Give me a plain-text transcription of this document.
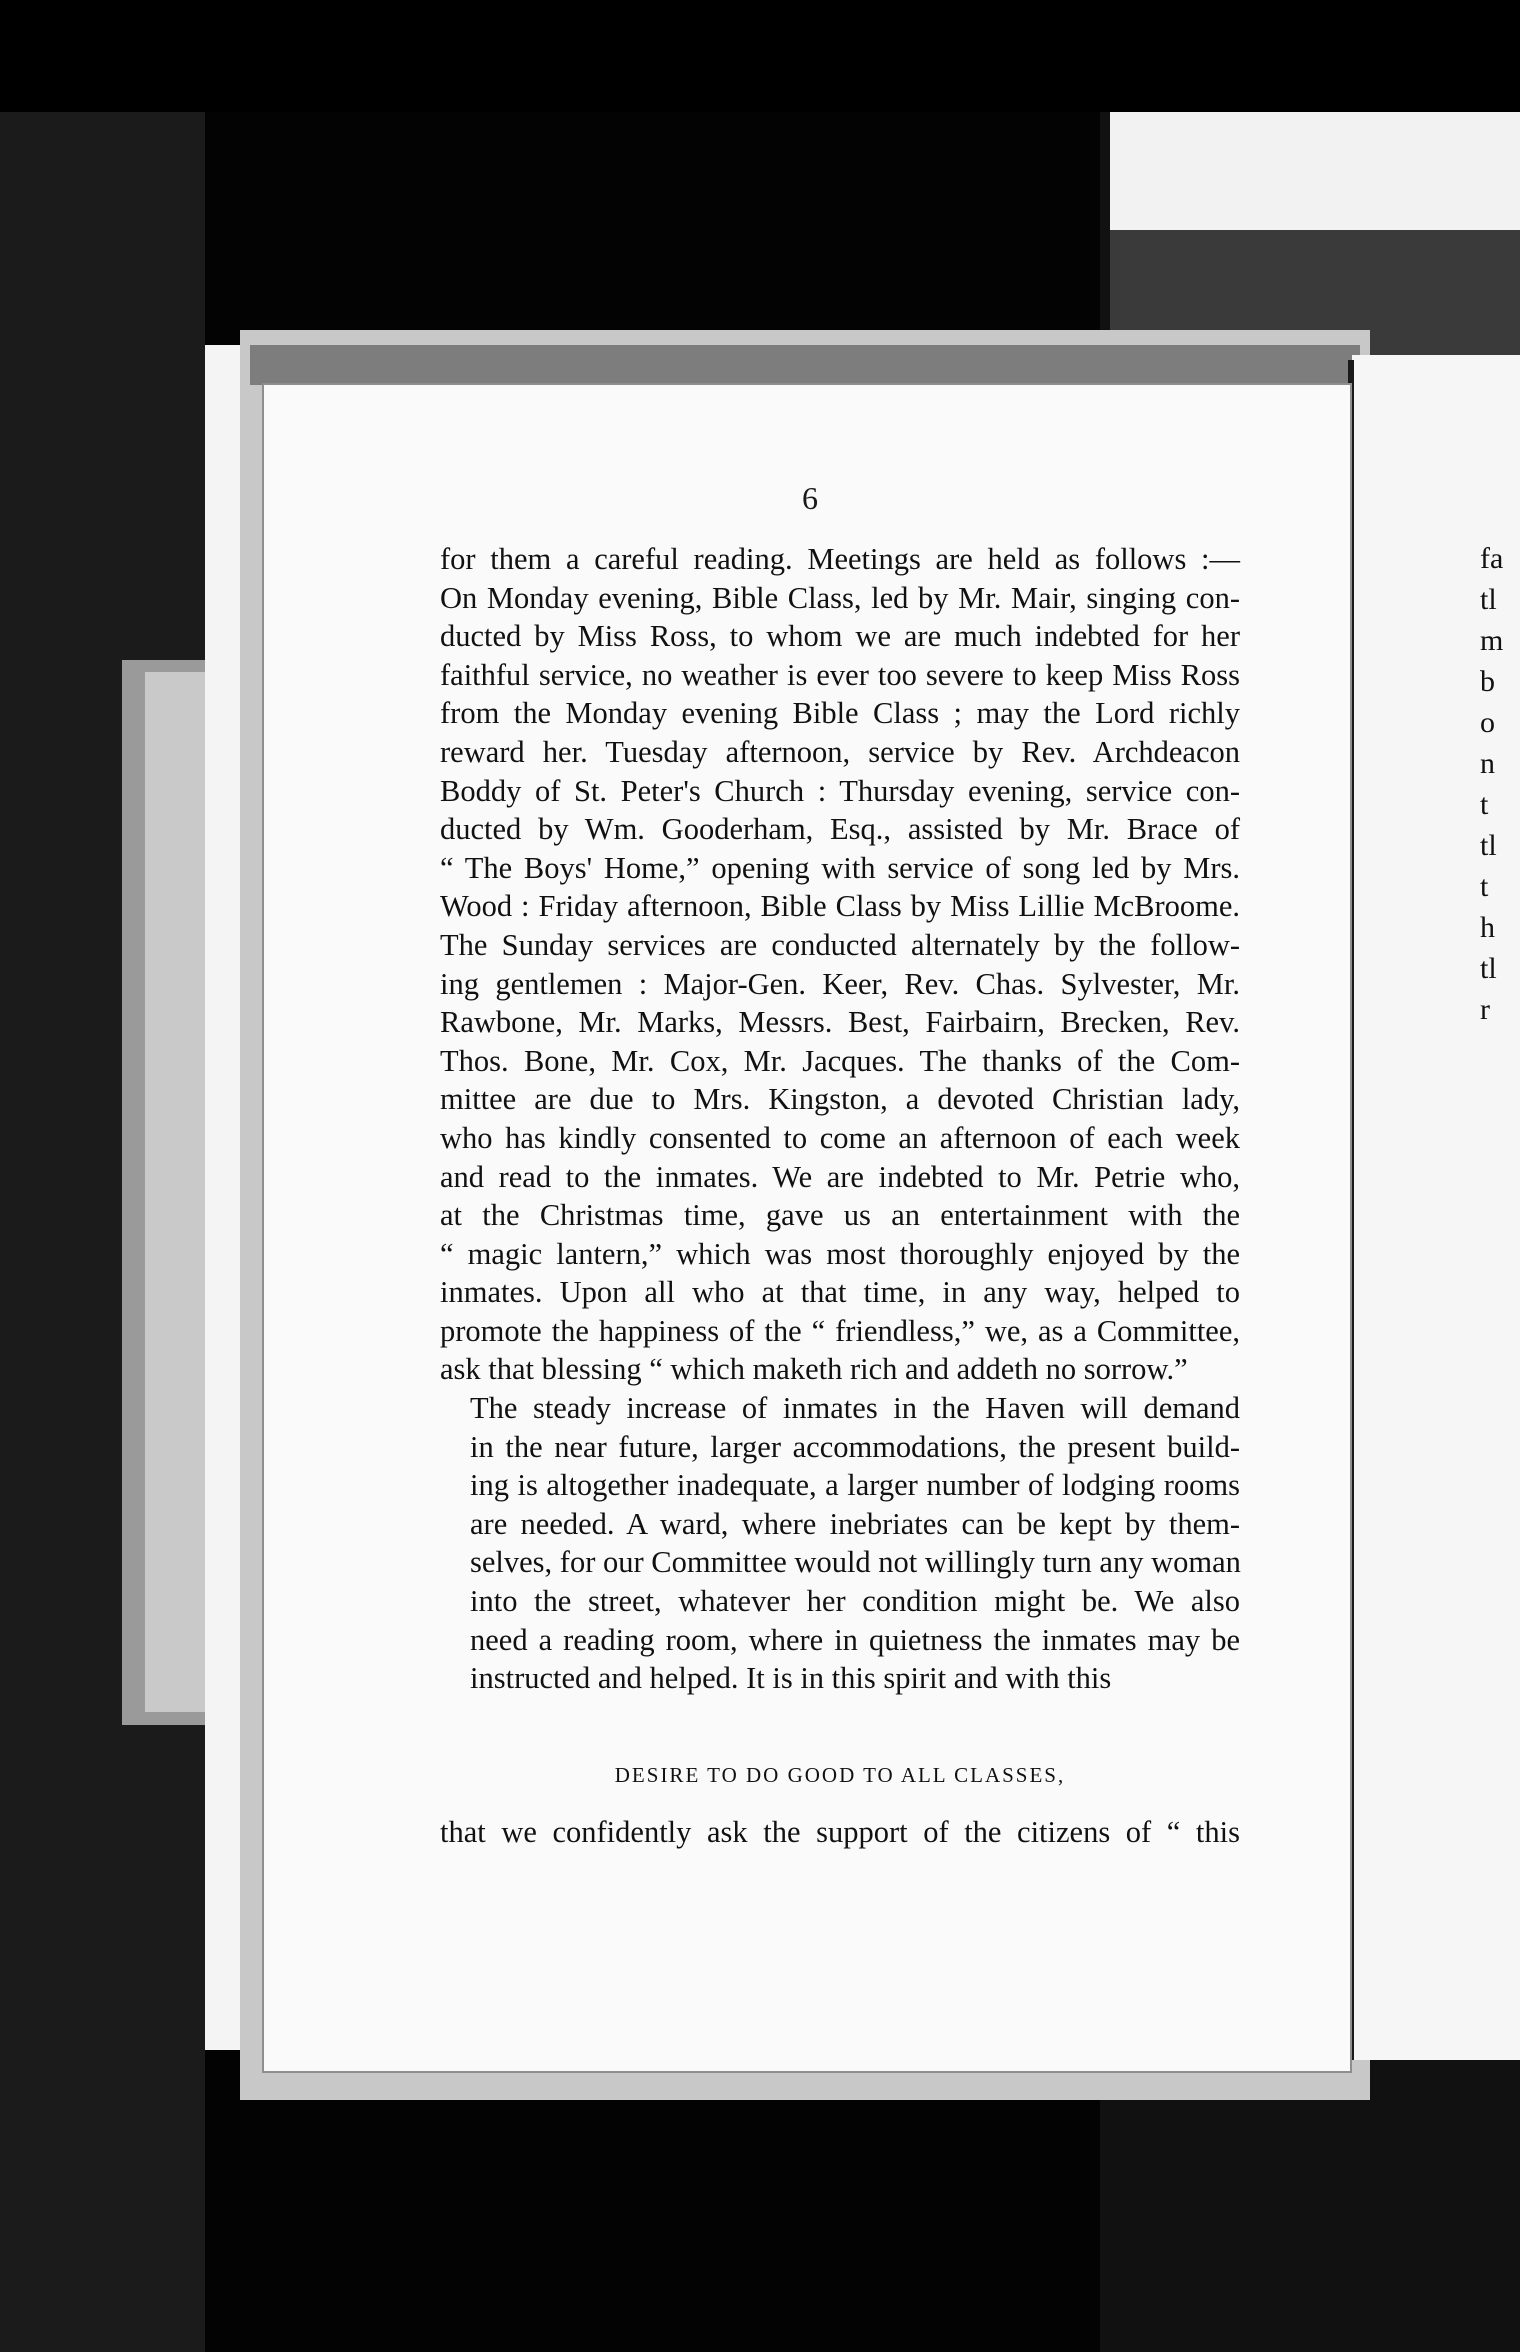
6

for them a careful reading. Meetings are held as follows :—
On Monday evening, Bible Class, led by Mr. Mair, singing con-
ducted by Miss Ross, to whom we are much indebted for her
faithful service, no weather is ever too severe to keep Miss Ross
from the Monday evening Bible Class ; may the Lord richly
reward her. Tuesday afternoon, service by Rev. Archdeacon
Boddy of St. Peter's Church : Thursday evening, service con-
ducted by Wm. Gooderham, Esq., assisted by Mr. Brace of
“ The Boys' Home,” opening with service of song led by Mrs.
Wood : Friday afternoon, Bible Class by Miss Lillie McBroome.
The Sunday services are conducted alternately by the follow-
ing gentlemen : Major-Gen. Keer, Rev. Chas. Sylvester, Mr.
Rawbone, Mr. Marks, Messrs. Best, Fairbairn, Brecken, Rev.
Thos. Bone, Mr. Cox, Mr. Jacques. The thanks of the Com-
mittee are due to Mrs. Kingston, a devoted Christian lady,
who has kindly consented to come an afternoon of each week
and read to the inmates. We are indebted to Mr. Petrie who,
at the Christmas time, gave us an entertainment with the
“ magic lantern,” which was most thoroughly enjoyed by the
inmates. Upon all who at that time, in any way, helped to
promote the happiness of the “ friendless,” we, as a Committee,
ask that blessing “ which maketh rich and addeth no sorrow.”

The steady increase of inmates in the Haven will demand
in the near future, larger accommodations, the present build-
ing is altogether inadequate, a larger number of lodging rooms
are needed. A ward, where inebriates can be kept by them-
selves, for our Committee would not willingly turn any woman
into the street, whatever her condition might be. We also
need a reading room, where in quietness the inmates may be
instructed and helped. It is in this spirit and with this

DESIRE TO DO GOOD TO ALL CLASSES,
that we confidently ask the support of the citizens of “ this
fa
tl
m
b
o
n
t
tl
t
h
tl
r
